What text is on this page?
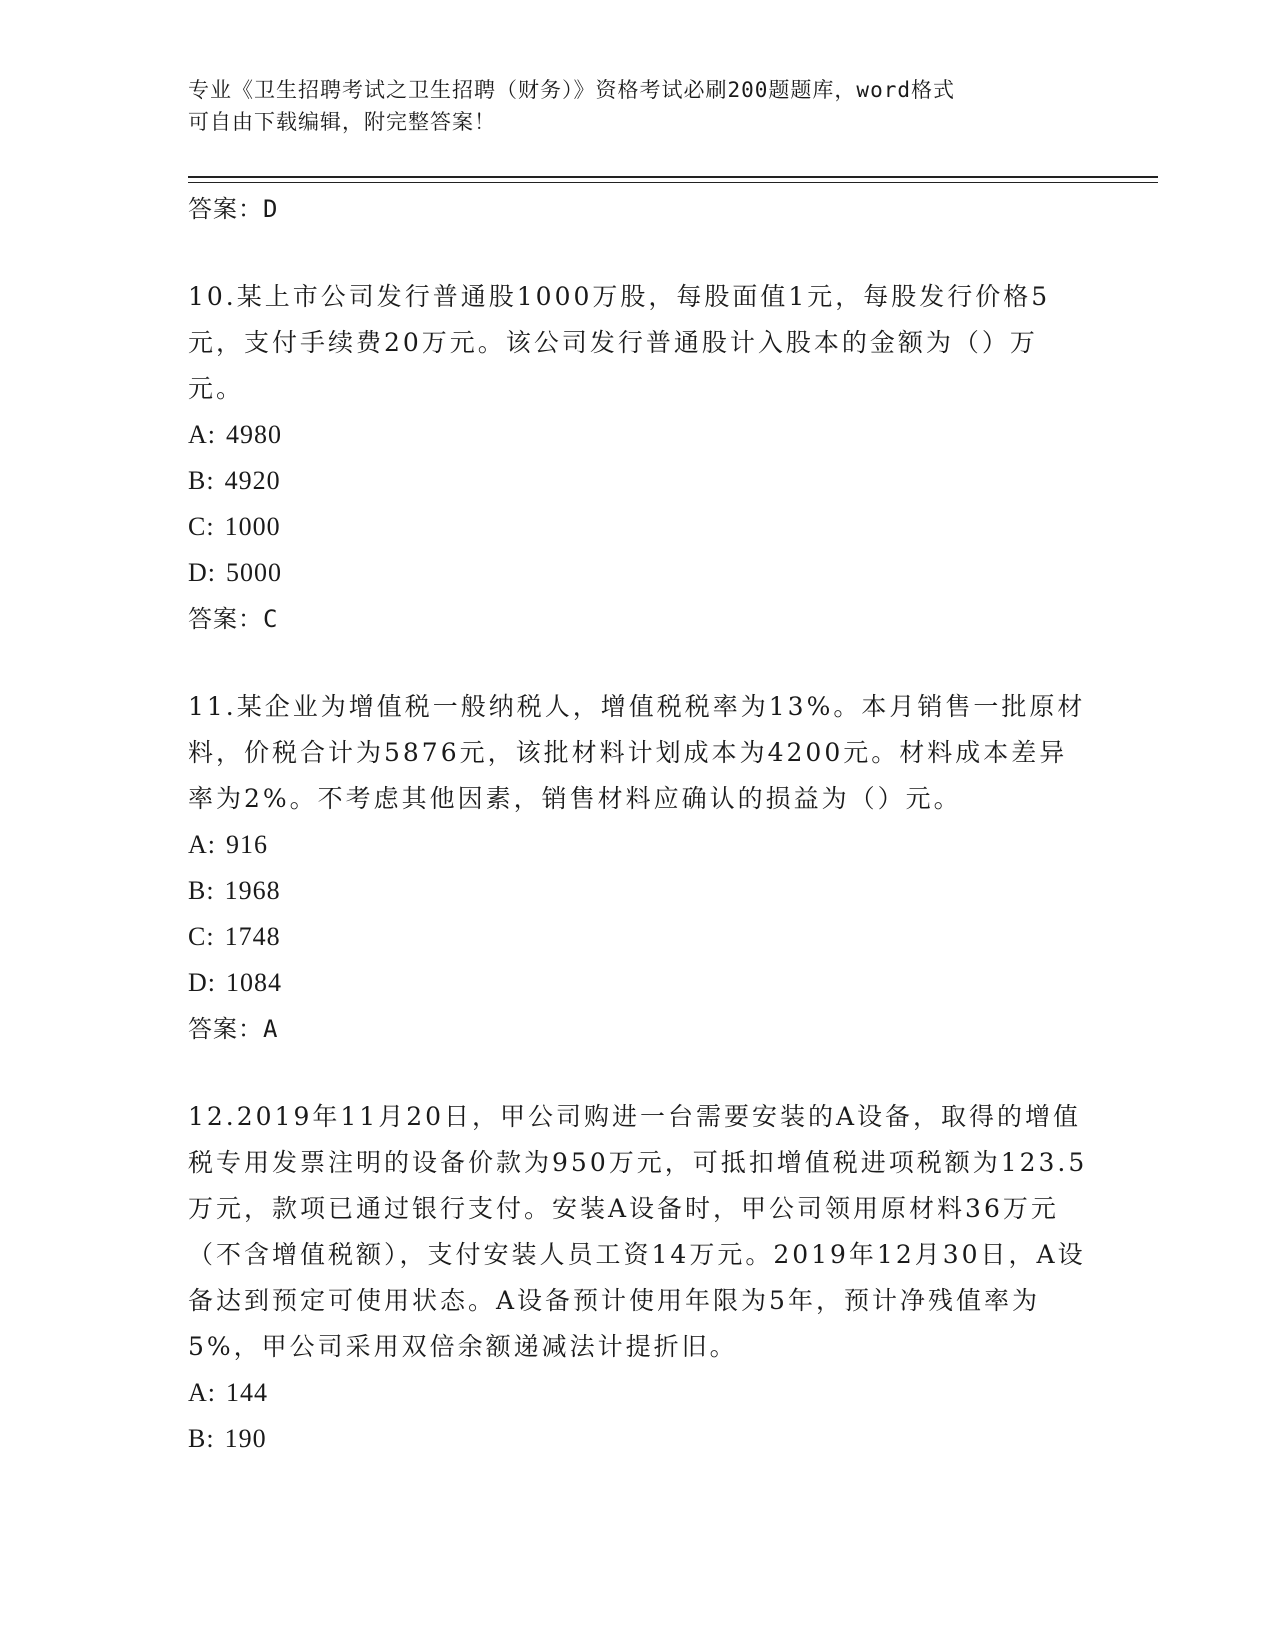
专业《卫生招聘考试之卫生招聘（财务）》资格考试必刷200题题库，word格式
可自由下载编辑，附完整答案！

答案：D

10.某上市公司发行普通股1000万股，每股面值1元，每股发行价格5元，支付手续费20万元。该公司发行普通股计入股本的金额为（）万元。

A: 4980
B: 4920
C: 1000
D: 5000

答案：C

11.某企业为增值税一般纳税人，增值税税率为13%。本月销售一批原材料，价税合计为5876元，该批材料计划成本为4200元。材料成本差异率为2%。不考虑其他因素，销售材料应确认的损益为（）元。

A: 916
B: 1968
C: 1748
D: 1084

答案：A

12.2019年11月20日，甲公司购进一台需要安装的A设备，取得的增值税专用发票注明的设备价款为950万元，可抵扣增值税进项税额为123.5万元，款项已通过银行支付。安装A设备时，甲公司领用原材料36万元（不含增值税额），支付安装人员工资14万元。2019年12月30日，A设备达到预定可使用状态。A设备预计使用年限为5年，预计净残值率为5%，甲公司采用双倍余额递减法计提折旧。

A: 144
B: 190
